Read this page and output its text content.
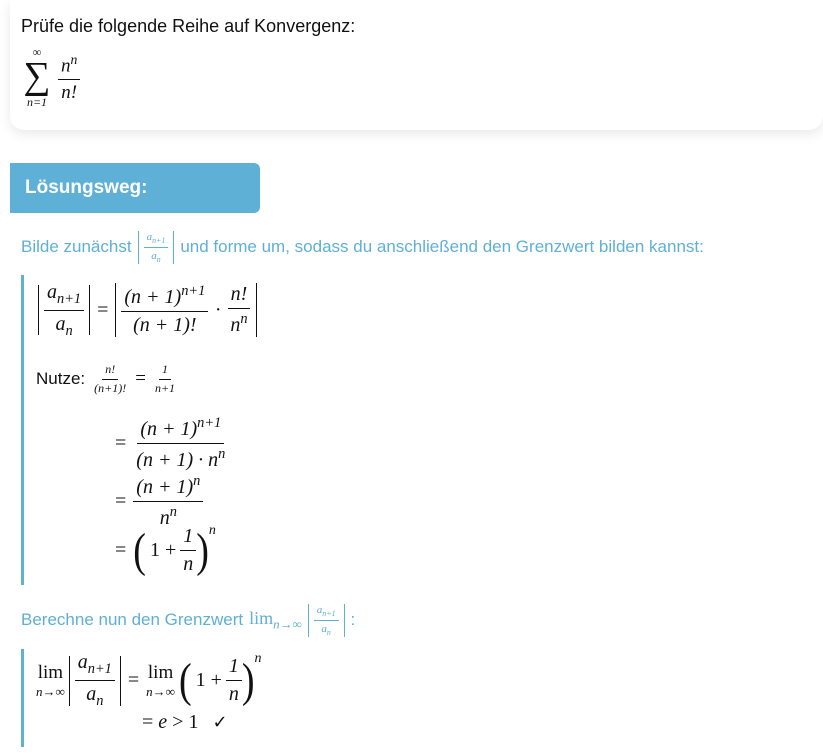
Prüfe die folgende Reihe auf Konvergenz:
∞
∑
$n=1 \frac{n^n}{n!}$
Lösungsweg:
Bilde zunächst $\frac{a_{n+1}}{a_n}$ und forme um, sodass du anschließend den Grenzwert bilden kannst:
$\frac{a_{n+1}}{a_n} = \frac{(n + 1)^{n+1}}{(n + 1)!} \cdot \frac{n!}{n^n}$
Nutze: $\frac{n!}{(n+1)!} = \frac{1}{n+1}$
= $\frac{(n + 1)^{n+1}}{(n + 1) \cdot n^n}$
= $\frac{(n + 1)^n}{n^n}$
= ( $1 + \frac{1}{n}$ ) n
Berechne nun den Grenzwert $\lim_{n\to\infty} \frac{a_{n+1}}{a_n}$ :
lim
$n\to\infty \frac{a_{n+1}}{a_n} = \lim$
n→∞ ( $1 + \frac{1}{n}$ ) n
= e > 1 ✓
